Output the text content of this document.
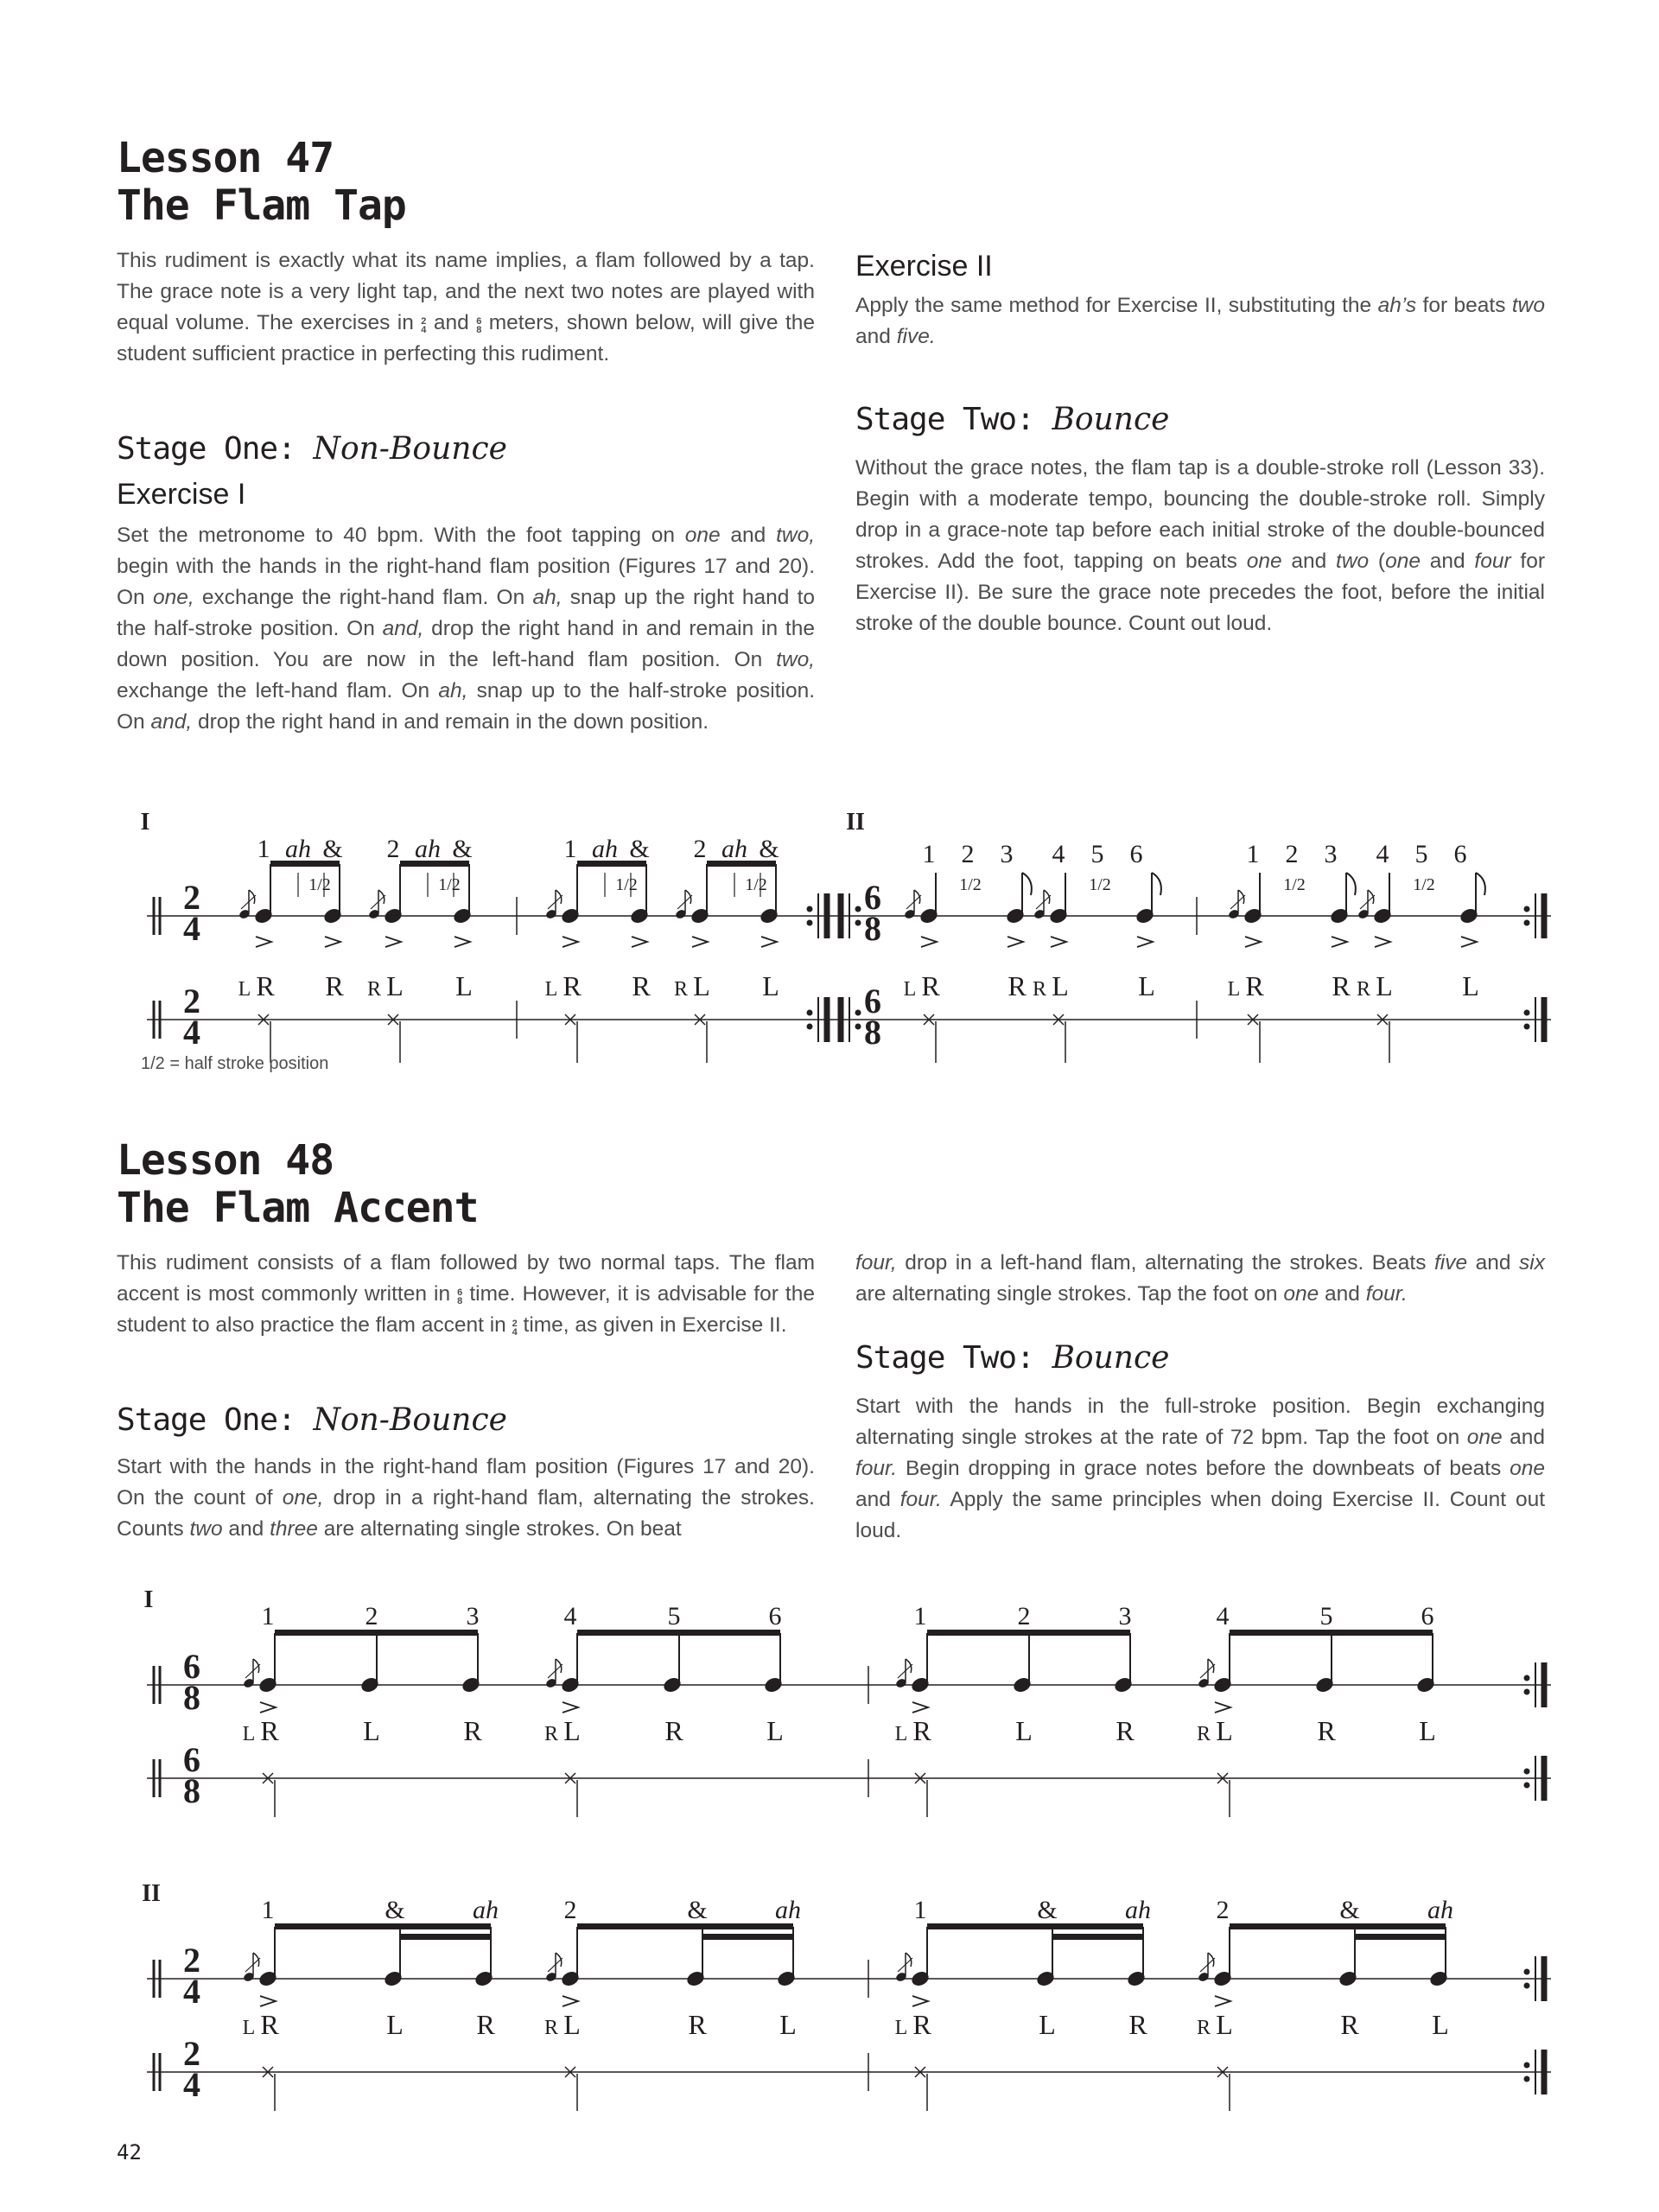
Lesson 47
The Flam Tap

This rudiment is exactly what its name implies, a flam followed by a tap. The grace note is a very light tap, and the next two notes are played with equal volume. The exercises in 2
4 and 6
8 meters, shown below, will give the student sufficient practice in perfecting this rudiment.

Stage One: Non-Bounce
Exercise I

Set the metronome to 40 bpm. With the foot tapping on one and two, begin with the hands in the right-hand flam position (Figures 17 and 20). On one, exchange the right-hand flam. On ah, snap up the right hand to the half-stroke position. On and, drop the right hand in and remain in the down position. You are now in the left-hand flam position. On two, exchange the left-hand flam. On ah, snap up to the half-stroke position. On and, drop the right hand in and remain in the down position.

Exercise II

Apply the same method for Exercise II, substituting the ah’s for beats two and five.

Stage Two: Bounce

Without the grace notes, the flam tap is a double-stroke roll (Lesson 33). Begin with a moderate tempo, bouncing the double-stroke roll. Simply drop in a grace-note tap before each initial stroke of the double-bounced strokes. Add the foot, tapping on beats one and two (one and four for Exercise II). Be sure the grace note precedes the foot, before the initial stroke of the double bounce. Count out loud.

I	II
2
4
2
4
6
8
6
8
1/2
1 ah &
L R R
1/2
2 ah &
R L L
1/2
1 ah &
L R R
1/2
2 ah &
R L L
1/2
1 2 3
L R R
1/2
4 5 6
R L	L
1/2
1 2 3
L R R
1/2
4 5 6
R L	L
1/2 = half stroke position
Lesson 48
The Flam Accent

This rudiment consists of a flam followed by two normal taps. The flam accent is most commonly written in 6
8 time. However, it is advisable for the student to also practice the flam accent in 2
4 time, as given in Exercise II.

Stage One: Non-Bounce

Start with the hands in the right-hand flam position (Figures 17 and 20). On the count of one, drop in a right-hand flam, alternating the strokes. Counts two and three are alternating single strokes. On beat

four, drop in a left-hand flam, alternating the strokes. Beats five and six are alternating single strokes. Tap the foot on one and four.

Stage Two: Bounce

Start with the hands in the full-stroke position. Begin exchanging alternating single strokes at the rate of 72 bpm. Tap the foot on one and four. Begin dropping in grace notes before the downbeats of beats one and four. Apply the same principles when doing Exercise II. Count out loud.

I
6
8
6
8
1	2	3
L R	L	R
4	5	6
R L	R	L
1	2	3
L R	L	R
4	5	6
R L	R	L
II
2
4
2
4
1	&	ah
L R	L	R
2	&	ah
R L	R	L
1	&	ah
L R	L	R
2	&	ah
R L	R	L
42
